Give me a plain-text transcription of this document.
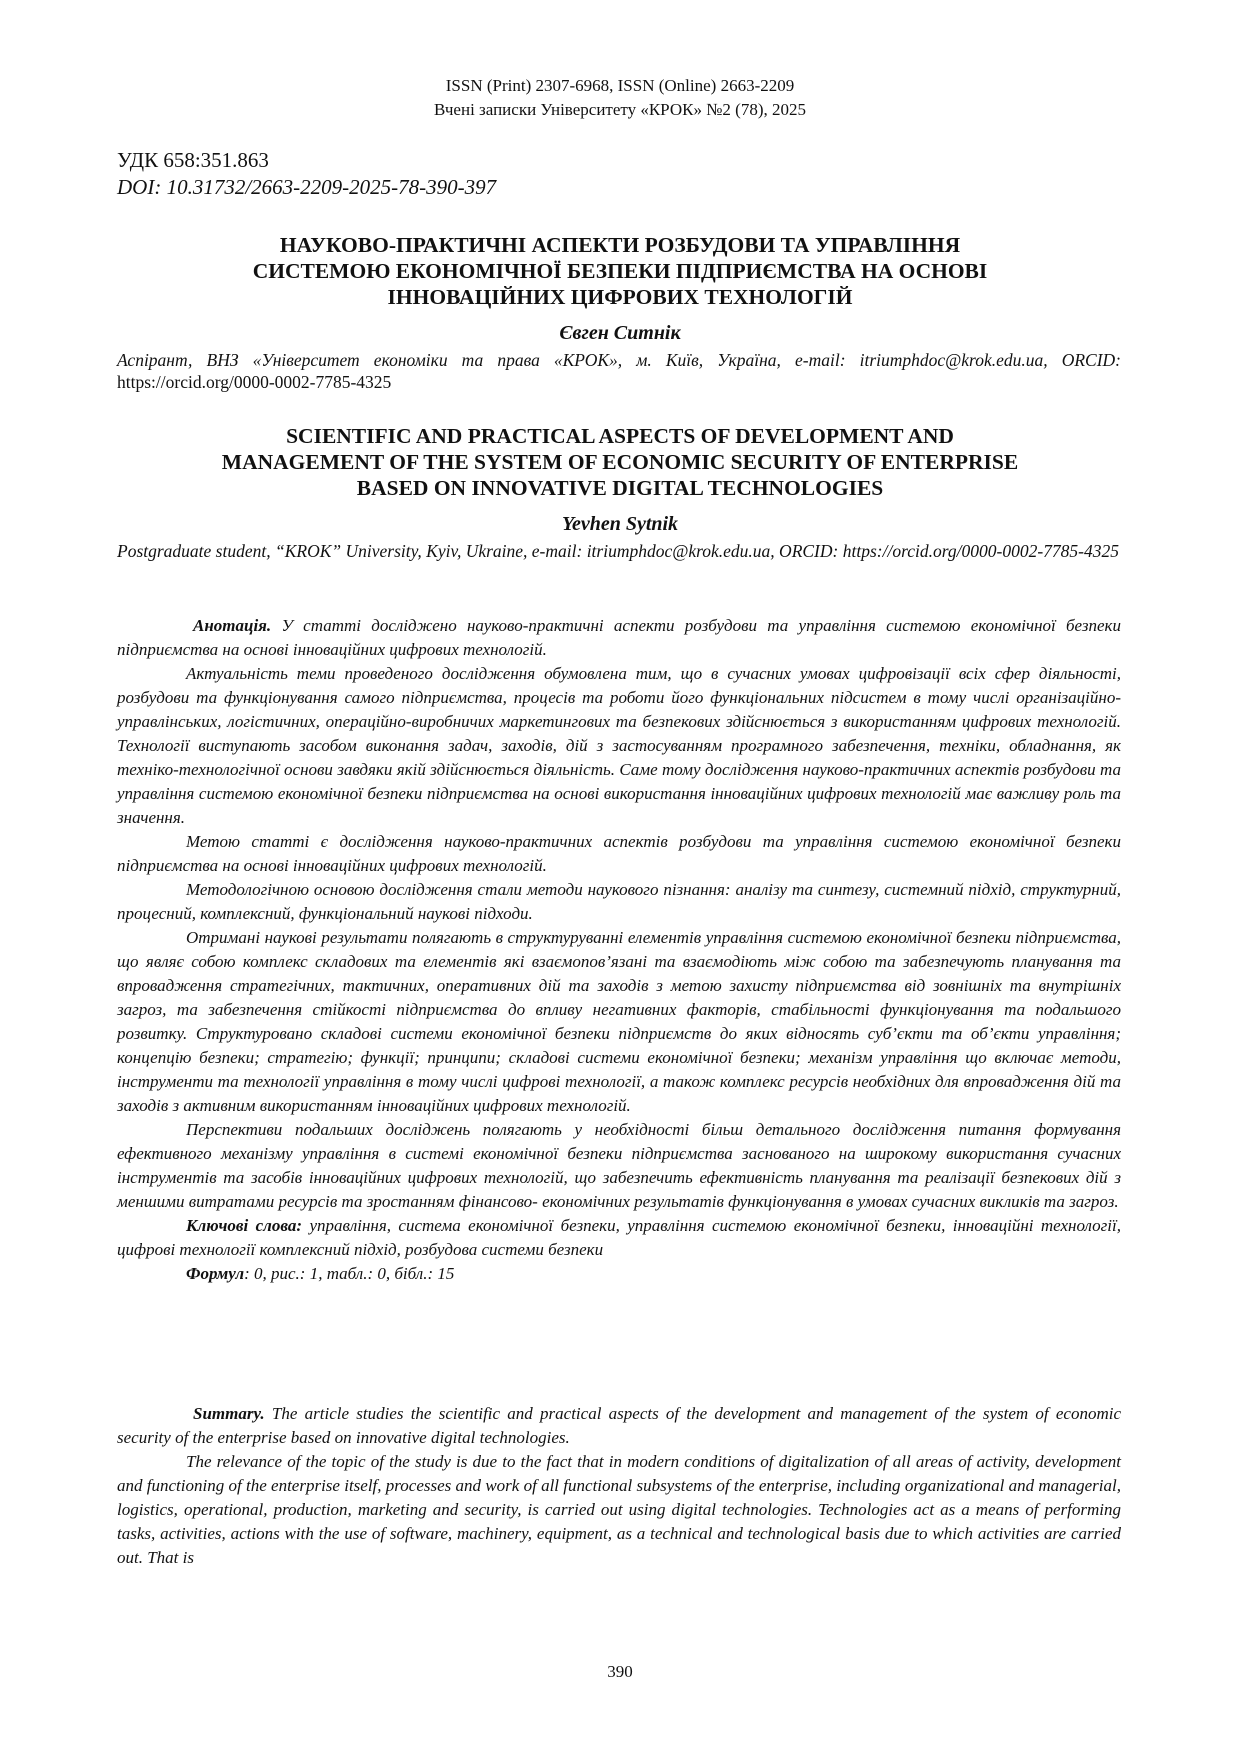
ISSN (Print) 2307-6968, ISSN (Online) 2663-2209
Вчені записки Університету «КРОК» №2 (78), 2025
УДК 658:351.863
DOI: 10.31732/2663-2209-2025-78-390-397
НАУКОВО-ПРАКТИЧНІ АСПЕКТИ РОЗБУДОВИ ТА УПРАВЛІННЯ
СИСТЕМОЮ ЕКОНОМІЧНОЇ БЕЗПЕКИ ПІДПРИЄМСТВА НА ОСНОВІ
ІННОВАЦІЙНИХ ЦИФРОВИХ ТЕХНОЛОГІЙ
Євген Ситнік
Аспірант, ВНЗ «Університет економіки та права «КРОК», м. Київ, Україна, e-mail: itriumphdoc@krok.edu.ua, ORCID: https://orcid.org/0000-0002-7785-4325
SCIENTIFIC AND PRACTICAL ASPECTS OF DEVELOPMENT AND
MANAGEMENT OF THE SYSTEM OF ECONOMIC SECURITY OF ENTERPRISE
BASED ON INNOVATIVE DIGITAL TECHNOLOGIES
Yevhen Sytnik
Postgraduate student, “KROK” University, Kyiv, Ukraine, e-mail: itriumphdoc@krok.edu.ua, ORCID: https://orcid.org/0000-0002-7785-4325

Анотація. У статті досліджено науково-практичні аспекти розбудови та управління системою економічної безпеки підприємства на основі інноваційних цифрових технологій.

Актуальність теми проведеного дослідження обумовлена тим, що в сучасних умовах цифровізації всіх сфер діяльності, розбудови та функціонування самого підприємства, процесів та роботи його функціональних підсистем в тому числі організаційно-управлінських, логістичних, операційно-виробничих маркетингових та безпекових здійснюється з використанням цифрових технологій. Технології виступають засобом виконання задач, заходів, дій з застосуванням програмного забезпечення, техніки, обладнання, як техніко-технологічної основи завдяки якій здійснюється діяльність. Саме тому дослідження науково-практичних аспектів розбудови та управління системою економічної безпеки підприємства на основі використання інноваційних цифрових технологій має важливу роль та значення.

Метою статті є дослідження науково-практичних аспектів розбудови та управління системою економічної безпеки підприємства на основі інноваційних цифрових технологій.

Методологічною основою дослідження стали методи наукового пізнання: аналізу та синтезу, системний підхід, структурний, процесний, комплексний, функціональний наукові підходи.

Отримані наукові результати полягають в структуруванні елементів управління системою економічної безпеки підприємства, що являє собою комплекс складових та елементів які взаємопов’язані та взаємодіють між собою та забезпечують планування та впровадження стратегічних, тактичних, оперативних дій та заходів з метою захисту підприємства від зовнішніх та внутрішніх загроз, та забезпечення стійкості підприємства до впливу негативних факторів, стабільності функціонування та подальшого розвитку. Структуровано складові системи економічної безпеки підприємств до яких відносять суб’єкти та об’єкти управління; концепцію безпеки; стратегію; функції; принципи; складові системи економічної безпеки; механізм управління що включає методи, інструменти та технології управління в тому числі цифрові технології, а також комплекс ресурсів необхідних для впровадження дій та заходів з активним використанням інноваційних цифрових технологій.

Перспективи подальших досліджень полягають у необхідності більш детального дослідження питання формування ефективного механізму управління в системі економічної безпеки підприємства заснованого на широкому використання сучасних інструментів та засобів інноваційних цифрових технологій, що забезпечить ефективність планування та реалізації безпекових дій з меншими витратами ресурсів та зростанням фінансово- економічних результатів функціонування в умовах сучасних викликів та загроз.

Ключові слова: управління, система економічної безпеки, управління системою економічної безпеки, інноваційні технології, цифрові технології комплексний підхід, розбудова системи безпеки

Формул: 0, рис.: 1, табл.: 0, бібл.: 15

Summary. The article studies the scientific and practical aspects of the development and management of the system of economic security of the enterprise based on innovative digital technologies.

The relevance of the topic of the study is due to the fact that in modern conditions of digitalization of all areas of activity, development and functioning of the enterprise itself, processes and work of all functional subsystems of the enterprise, including organizational and managerial, logistics, operational, production, marketing and security, is carried out using digital technologies. Technologies act as a means of performing tasks, activities, actions with the use of software, machinery, equipment, as a technical and technological basis due to which activities are carried out. That is

390
